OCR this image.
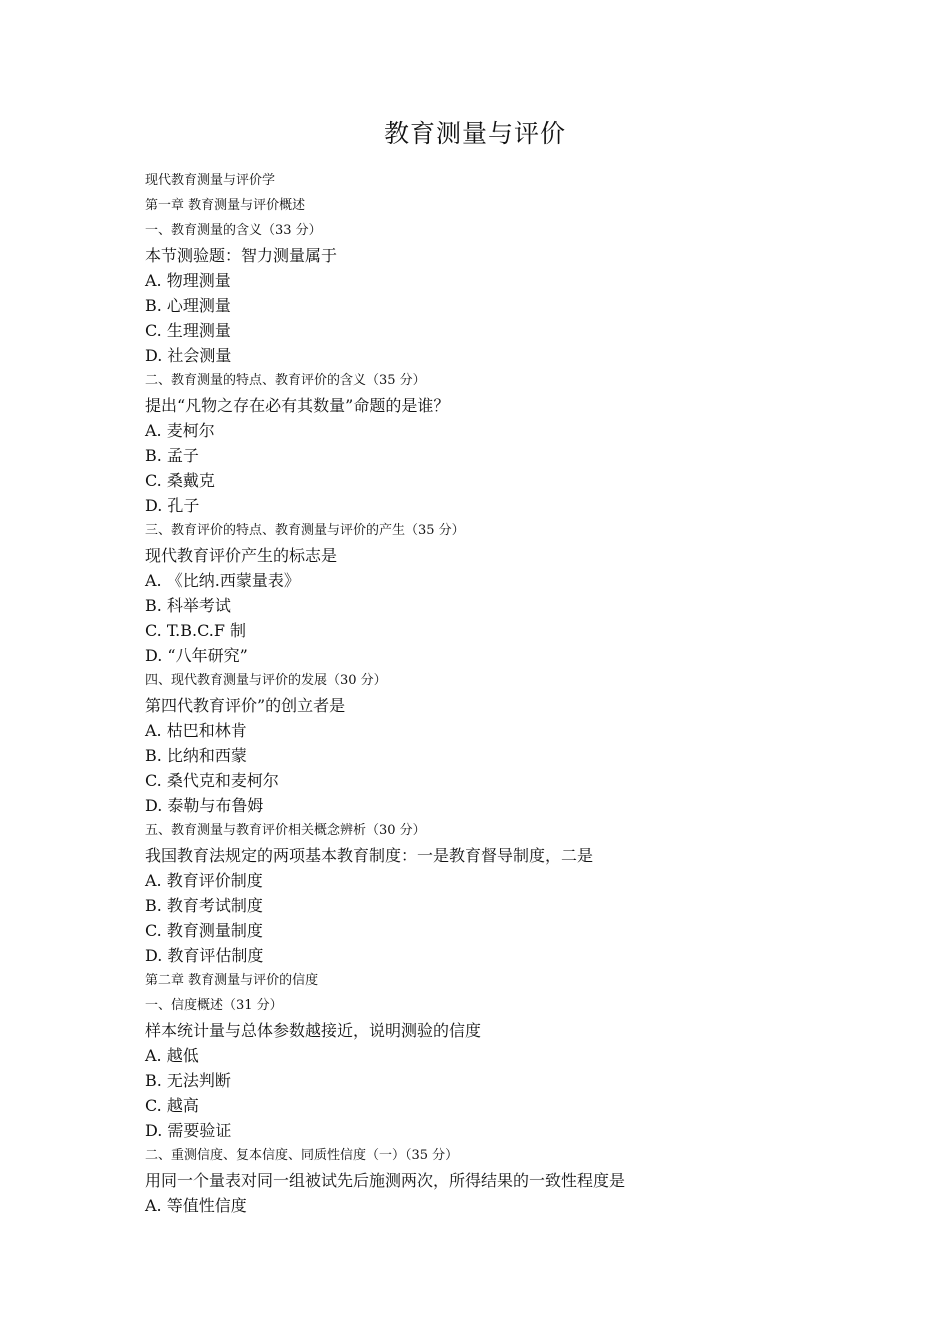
教育测量与评价
现代教育测量与评价学
第一章 教育测量与评价概述
一、教育测量的含义（33 分）
本节测验题：智力测量属于
A. 物理测量
B. 心理测量
C. 生理测量
D. 社会测量
二、教育测量的特点、教育评价的含义（35 分）
提出“凡物之存在必有其数量”命题的是谁？
A. 麦柯尔
B. 孟子
C. 桑戴克
D. 孔子
三、教育评价的特点、教育测量与评价的产生（35 分）
现代教育评价产生的标志是
A. 《比纳.西蒙量表》
B. 科举考试
C. T.B.C.F 制
D. “八年研究”
四、现代教育测量与评价的发展（30 分）
第四代教育评价”的创立者是
A. 枯巴和林肯
B. 比纳和西蒙
C. 桑代克和麦柯尔
D. 泰勒与布鲁姆
五、教育测量与教育评价相关概念辨析（30 分）
我国教育法规定的两项基本教育制度：一是教育督导制度，二是
A. 教育评价制度
B. 教育考试制度
C. 教育测量制度
D. 教育评估制度
第二章 教育测量与评价的信度
一、信度概述（31 分）
样本统计量与总体参数越接近，说明测验的信度
A. 越低
B. 无法判断
C. 越高
D. 需要验证
二、重测信度、复本信度、同质性信度（一）（35 分）
用同一个量表对同一组被试先后施测两次，所得结果的一致性程度是
A. 等值性信度
